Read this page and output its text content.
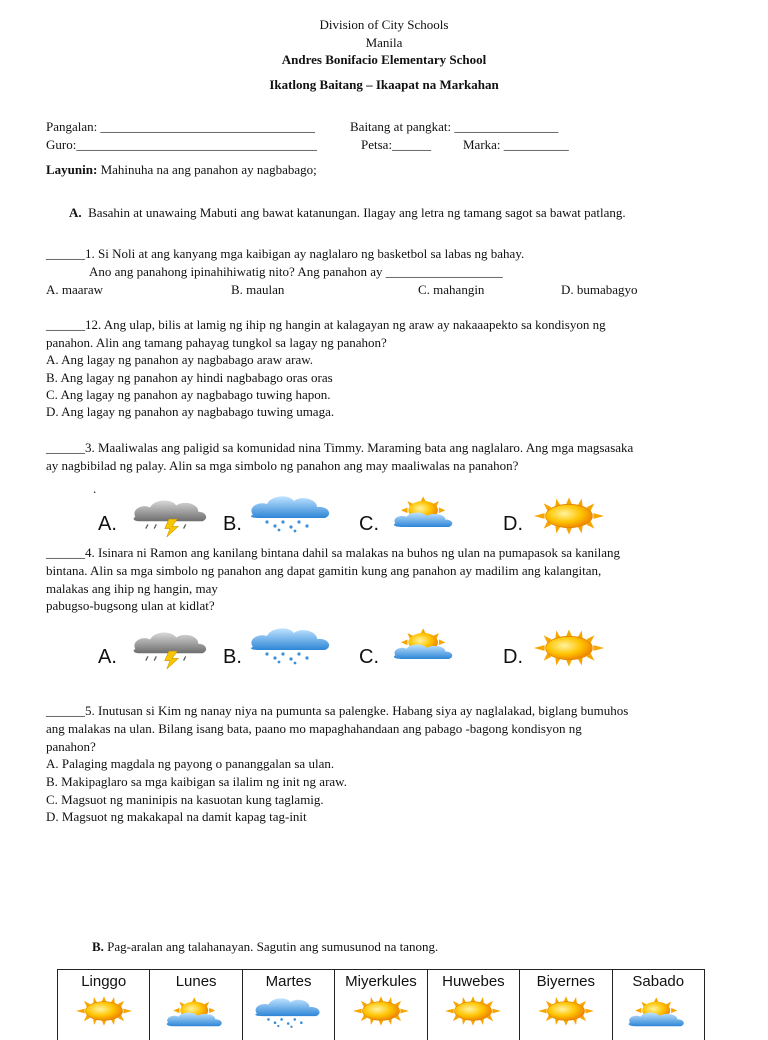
Division of City Schools
Manila
Andres Bonifacio Elementary School
Ikatlong Baitang – Ikaapat na Markahan
Pangalan: _________________________________	Baitang at pangkat: ________________
Guro:_____________________________________	Petsa:______ Marka: __________
Layunin: Mahinuha na ang panahon ay nagbabago;
A. Basahin at unawaing Mabuti ang bawat katanungan. Ilagay ang letra ng tamang sagot sa bawat patlang.
______1. Si Noli at ang kanyang mga kaibigan ay naglalaro ng basketbol sa labas ng bahay.
Ano ang panahong ipinahihiwatig nito? Ang panahon ay __________________
A. maaraw	B. maulan	C. mahangin	D. bumabagyo
______12. Ang ulap, bilis at lamig ng ihip ng hangin at kalagayan ng araw ay nakaaapekto sa kondisyon ng
panahon. Alin ang tamang pahayag tungkol sa lagay ng panahon?
A. Ang lagay ng panahon ay nagbabago araw araw.
B. Ang lagay ng panahon ay hindi nagbabago oras oras
C. Ang lagay ng panahon ay nagbabago tuwing hapon.
D. Ang lagay ng panahon ay nagbabago tuwing umaga.
______3. Maaliwalas ang paligid sa komunidad nina Timmy. Maraming bata ang naglalaro. Ang mga magsasaka
ay nagbibilad ng palay. Alin sa mga simbolo ng panahon ang may maaliwalas na panahon?
.
A.	B.	C.	D.
______4. Isinara ni Ramon ang kanilang bintana dahil sa malakas na buhos ng ulan na pumapasok sa kanilang
bintana. Alin sa mga simbolo ng panahon ang dapat gamitin kung ang panahon ay madilim ang kalangitan,
malakas ang ihip ng hangin, may
pabugso-bugsong ulan at kidlat?
A.	B.	C.	D.
______5. Inutusan si Kim ng nanay niya na pumunta sa palengke. Habang siya ay naglalakad, biglang bumuhos
ang malakas na ulan. Bilang isang bata, paano mo mapaghahandaan ang pabago -bagong kondisyon ng
panahon?
A. Palaging magdala ng payong o pananggalan sa ulan.
B. Makipaglaro sa mga kaibigan sa ilalim ng init ng araw.
C. Magsuot ng maninipis na kasuotan kung taglamig.
D. Magsuot ng makakapal na damit kapag tag-init
B. Pag-aralan ang talahanayan. Sagutin ang sumusunod na tanong.
Linggo	Lunes	Martes	Miyerkules	Huwebes	Biyernes	Sabado
